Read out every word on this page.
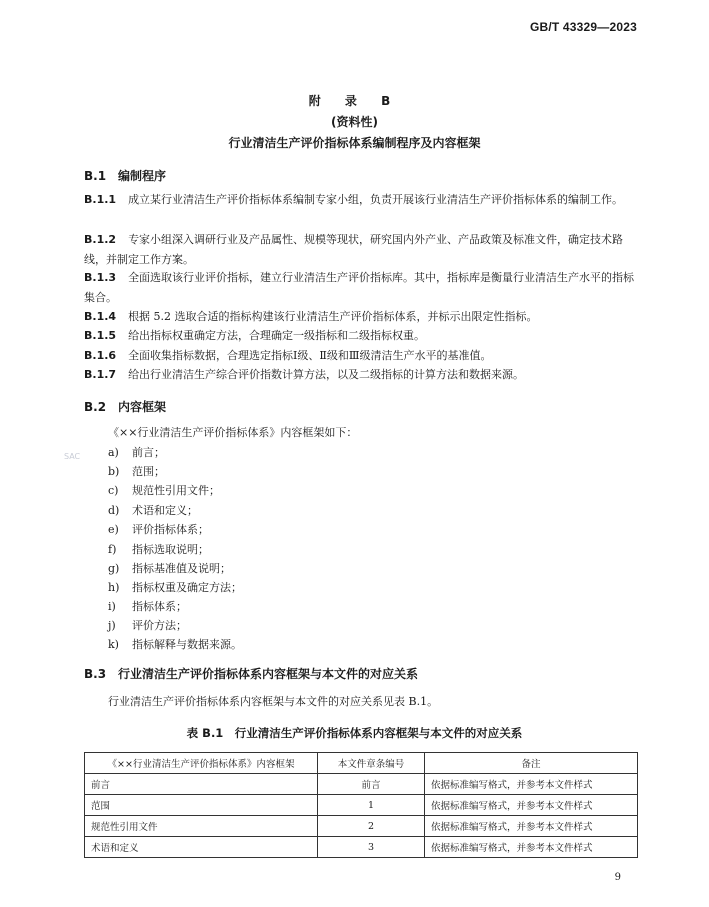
GB/T 43329—2023
附 录 B
(资料性)
行业清洁生产评价指标体系编制程序及内容框架
B.1 编制程序
B.1.1 成立某行业清洁生产评价指标体系编制专家小组，负责开展该行业清洁生产评价指标体系的编制工作。
B.1.2 专家小组深入调研行业及产品属性、规模等现状，研究国内外产业、产品政策及标准文件，确定技术路线，并制定工作方案。
B.1.3 全面选取该行业评价指标，建立行业清洁生产评价指标库。其中，指标库是衡量行业清洁生产水平的指标集合。
B.1.4 根据 5.2 选取合适的指标构建该行业清洁生产评价指标体系，并标示出限定性指标。
B.1.5 给出指标权重确定方法，合理确定一级指标和二级指标权重。
B.1.6 全面收集指标数据，合理选定指标Ⅰ级、Ⅱ级和Ⅲ级清洁生产水平的基准值。
B.1.7 给出行业清洁生产综合评价指数计算方法，以及二级指标的计算方法和数据来源。
B.2 内容框架
《××行业清洁生产评价指标体系》内容框架如下：
SAC	a) 前言；
b) 范围；
c) 规范性引用文件；
d) 术语和定义；
e) 评价指标体系；
f) 指标选取说明；
g) 指标基准值及说明；
h) 指标权重及确定方法；
i) 指标体系；
j) 评价方法；
k) 指标解释与数据来源。
B.3 行业清洁生产评价指标体系内容框架与本文件的对应关系
行业清洁生产评价指标体系内容框架与本文件的对应关系见表 B.1。
表 B.1　行业清洁生产评价指标体系内容框架与本文件的对应关系
《××行业清洁生产评价指标体系》内容框架	本文件章条编号	备注
前言	前言	依据标准编写格式，并参考本文件样式
范围	1	依据标准编写格式，并参考本文件样式
规范性引用文件	2	依据标准编写格式，并参考本文件样式
术语和定义	3	依据标准编写格式，并参考本文件样式
9
